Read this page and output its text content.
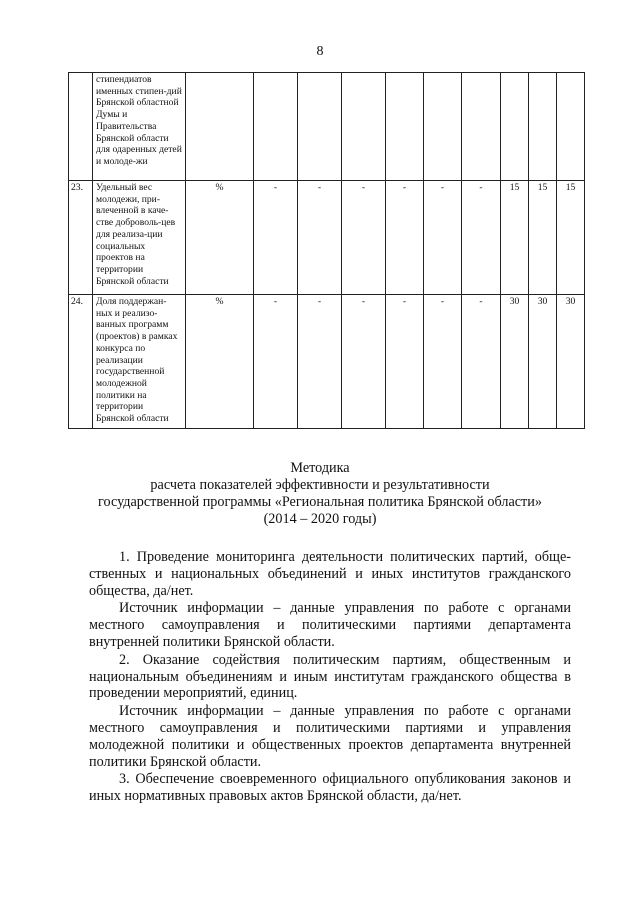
8
	стипендиатов именных стипен-дий Брянской областной Думы и Правительства Брянской области для одаренных детей и молоде-жи										
23.	Удельный вес молодежи, при-влеченной в каче-стве доброволь-цев для реализа-ции социальных проектов на территории Брянской области	%	-	-	-	-	-	-	15	15	15
24.	Доля поддержан-ных и реализо-ванных программ (проектов) в рамках конкурса по реализации государственной молодежной политики на территории Брянской области	%	-	-	-	-	-	-	30	30	30
Методика
расчета показателей эффективности и результативности
государственной программы «Региональная политика Брянской области»
(2014 – 2020 годы)

1. Проведение мониторинга деятельности политических партий, обще-ственных и национальных объединений и иных институтов гражданского общества, да/нет.

Источник информации – данные управления по работе с органами местного самоуправления и политическими партиями департамента внутренней политики Брянской области.

2. Оказание содействия политическим партиям, общественным и национальным объединениям и иным институтам гражданского общества в проведении мероприятий, единиц.

Источник информации – данные управления по работе с органами местного самоуправления и политическими партиями и управления молодежной политики и общественных проектов департамента внутренней политики Брянской области.

3. Обеспечение своевременного официального опубликования законов и иных нормативных правовых актов Брянской области, да/нет.
